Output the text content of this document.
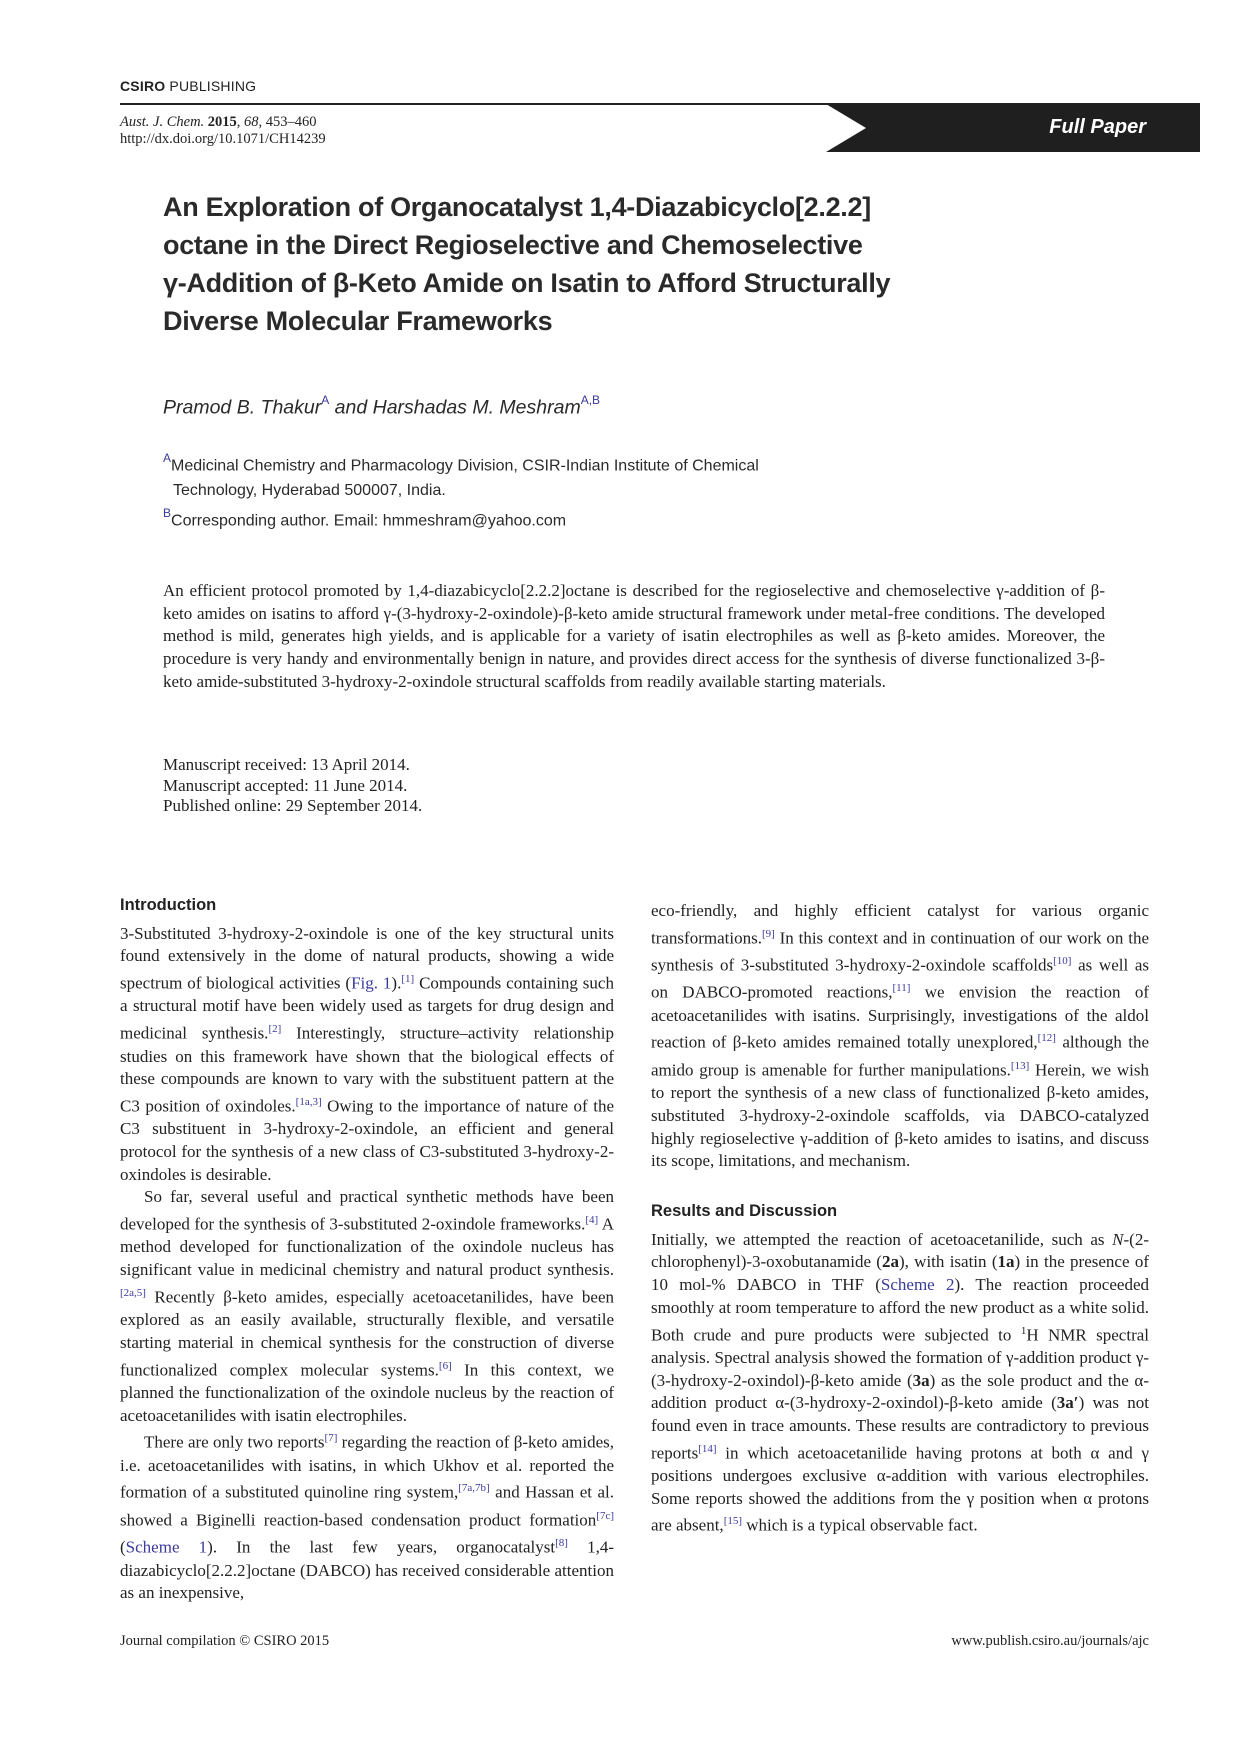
CSIRO PUBLISHING
Aust. J. Chem. 2015, 68, 453–460
http://dx.doi.org/10.1071/CH14239
Full Paper
An Exploration of Organocatalyst 1,4-Diazabicyclo[2.2.2]
octane in the Direct Regioselective and Chemoselective
γ-Addition of β-Keto Amide on Isatin to Afford Structurally
Diverse Molecular Frameworks
Pramod B. Thakur$^A$ and Harshadas M. Meshram$^{A,B}$
$^A$Medicinal Chemistry and Pharmacology Division, CSIR-Indian Institute of Chemical
Technology, Hyderabad 500007, India.
$^B$Corresponding author. Email: hmmeshram@yahoo.com

An efficient protocol promoted by 1,4-diazabicyclo[2.2.2]octane is described for the regioselective and chemoselective γ-addition of β-keto amides on isatins to afford γ-(3-hydroxy-2-oxindole)-β-keto amide structural framework under metal-free conditions. The developed method is mild, generates high yields, and is applicable for a variety of isatin electrophiles as well as β-keto amides. Moreover, the procedure is very handy and environmentally benign in nature, and provides direct access for the synthesis of diverse functionalized 3-β-keto amide-substituted 3-hydroxy-2-oxindole structural scaffolds from readily available starting materials.

Manuscript received: 13 April 2014.
Manuscript accepted: 11 June 2014.
Published online: 29 September 2014.
Introduction

3-Substituted 3-hydroxy-2-oxindole is one of the key structural units found extensively in the dome of natural products, showing a wide spectrum of biological activities (Fig. 1).[1] Compounds containing such a structural motif have been widely used as targets for drug design and medicinal synthesis.[2] Interestingly, structure–activity relationship studies on this framework have shown that the biological effects of these compounds are known to vary with the substituent pattern at the C3 position of oxindoles.[1a,3] Owing to the importance of nature of the C3 substituent in 3-hydroxy-2-oxindole, an efficient and general protocol for the synthesis of a new class of C3-substituted 3-hydroxy-2-oxindoles is desirable.

So far, several useful and practical synthetic methods have been developed for the synthesis of 3-substituted 2-oxindole frameworks.[4] A method developed for functionalization of the oxindole nucleus has significant value in medicinal chemistry and natural product synthesis.[2a,5] Recently β-keto amides, especially acetoacetanilides, have been explored as an easily available, structurally flexible, and versatile starting material in chemical synthesis for the construction of diverse functionalized complex molecular systems.[6] In this context, we planned the functionalization of the oxindole nucleus by the reaction of acetoacetanilides with isatin electrophiles.

There are only two reports[7] regarding the reaction of β-keto amides, i.e. acetoacetanilides with isatins, in which Ukhov et al. reported the formation of a substituted quinoline ring system,[7a,7b] and Hassan et al. showed a Biginelli reaction-based condensation product formation[7c] (Scheme 1). In the last few years, organocatalyst[8] 1,4-diazabicyclo[2.2.2]octane (DABCO) has received considerable attention as an inexpensive,

eco-friendly, and highly efficient catalyst for various organic transformations.[9] In this context and in continuation of our work on the synthesis of 3-substituted 3-hydroxy-2-oxindole scaffolds[10] as well as on DABCO-promoted reactions,[11] we envision the reaction of acetoacetanilides with isatins. Surprisingly, investigations of the aldol reaction of β-keto amides remained totally unexplored,[12] although the amido group is amenable for further manipulations.[13] Herein, we wish to report the synthesis of a new class of functionalized β-keto amides, substituted 3-hydroxy-2-oxindole scaffolds, via DABCO-catalyzed highly regioselective γ-addition of β-keto amides to isatins, and discuss its scope, limitations, and mechanism.

Results and Discussion

Initially, we attempted the reaction of acetoacetanilide, such as N-(2-chlorophenyl)-3-oxobutanamide (2a), with isatin (1a) in the presence of 10 mol-% DABCO in THF (Scheme 2). The reaction proceeded smoothly at room temperature to afford the new product as a white solid. Both crude and pure products were subjected to $^1$H NMR spectral analysis. Spectral analysis showed the formation of γ-addition product γ-(3-hydroxy-2-oxindol)-β-keto amide (3a) as the sole product and the α-addition product α-(3-hydroxy-2-oxindol)-β-keto amide (3a′) was not found even in trace amounts. These results are contradictory to previous reports[14] in which acetoacetanilide having protons at both α and γ positions undergoes exclusive α-addition with various electrophiles. Some reports showed the additions from the γ position when α protons are absent,[15] which is a typical observable fact.

Journal compilation © CSIRO 2015	www.publish.csiro.au/journals/ajc
